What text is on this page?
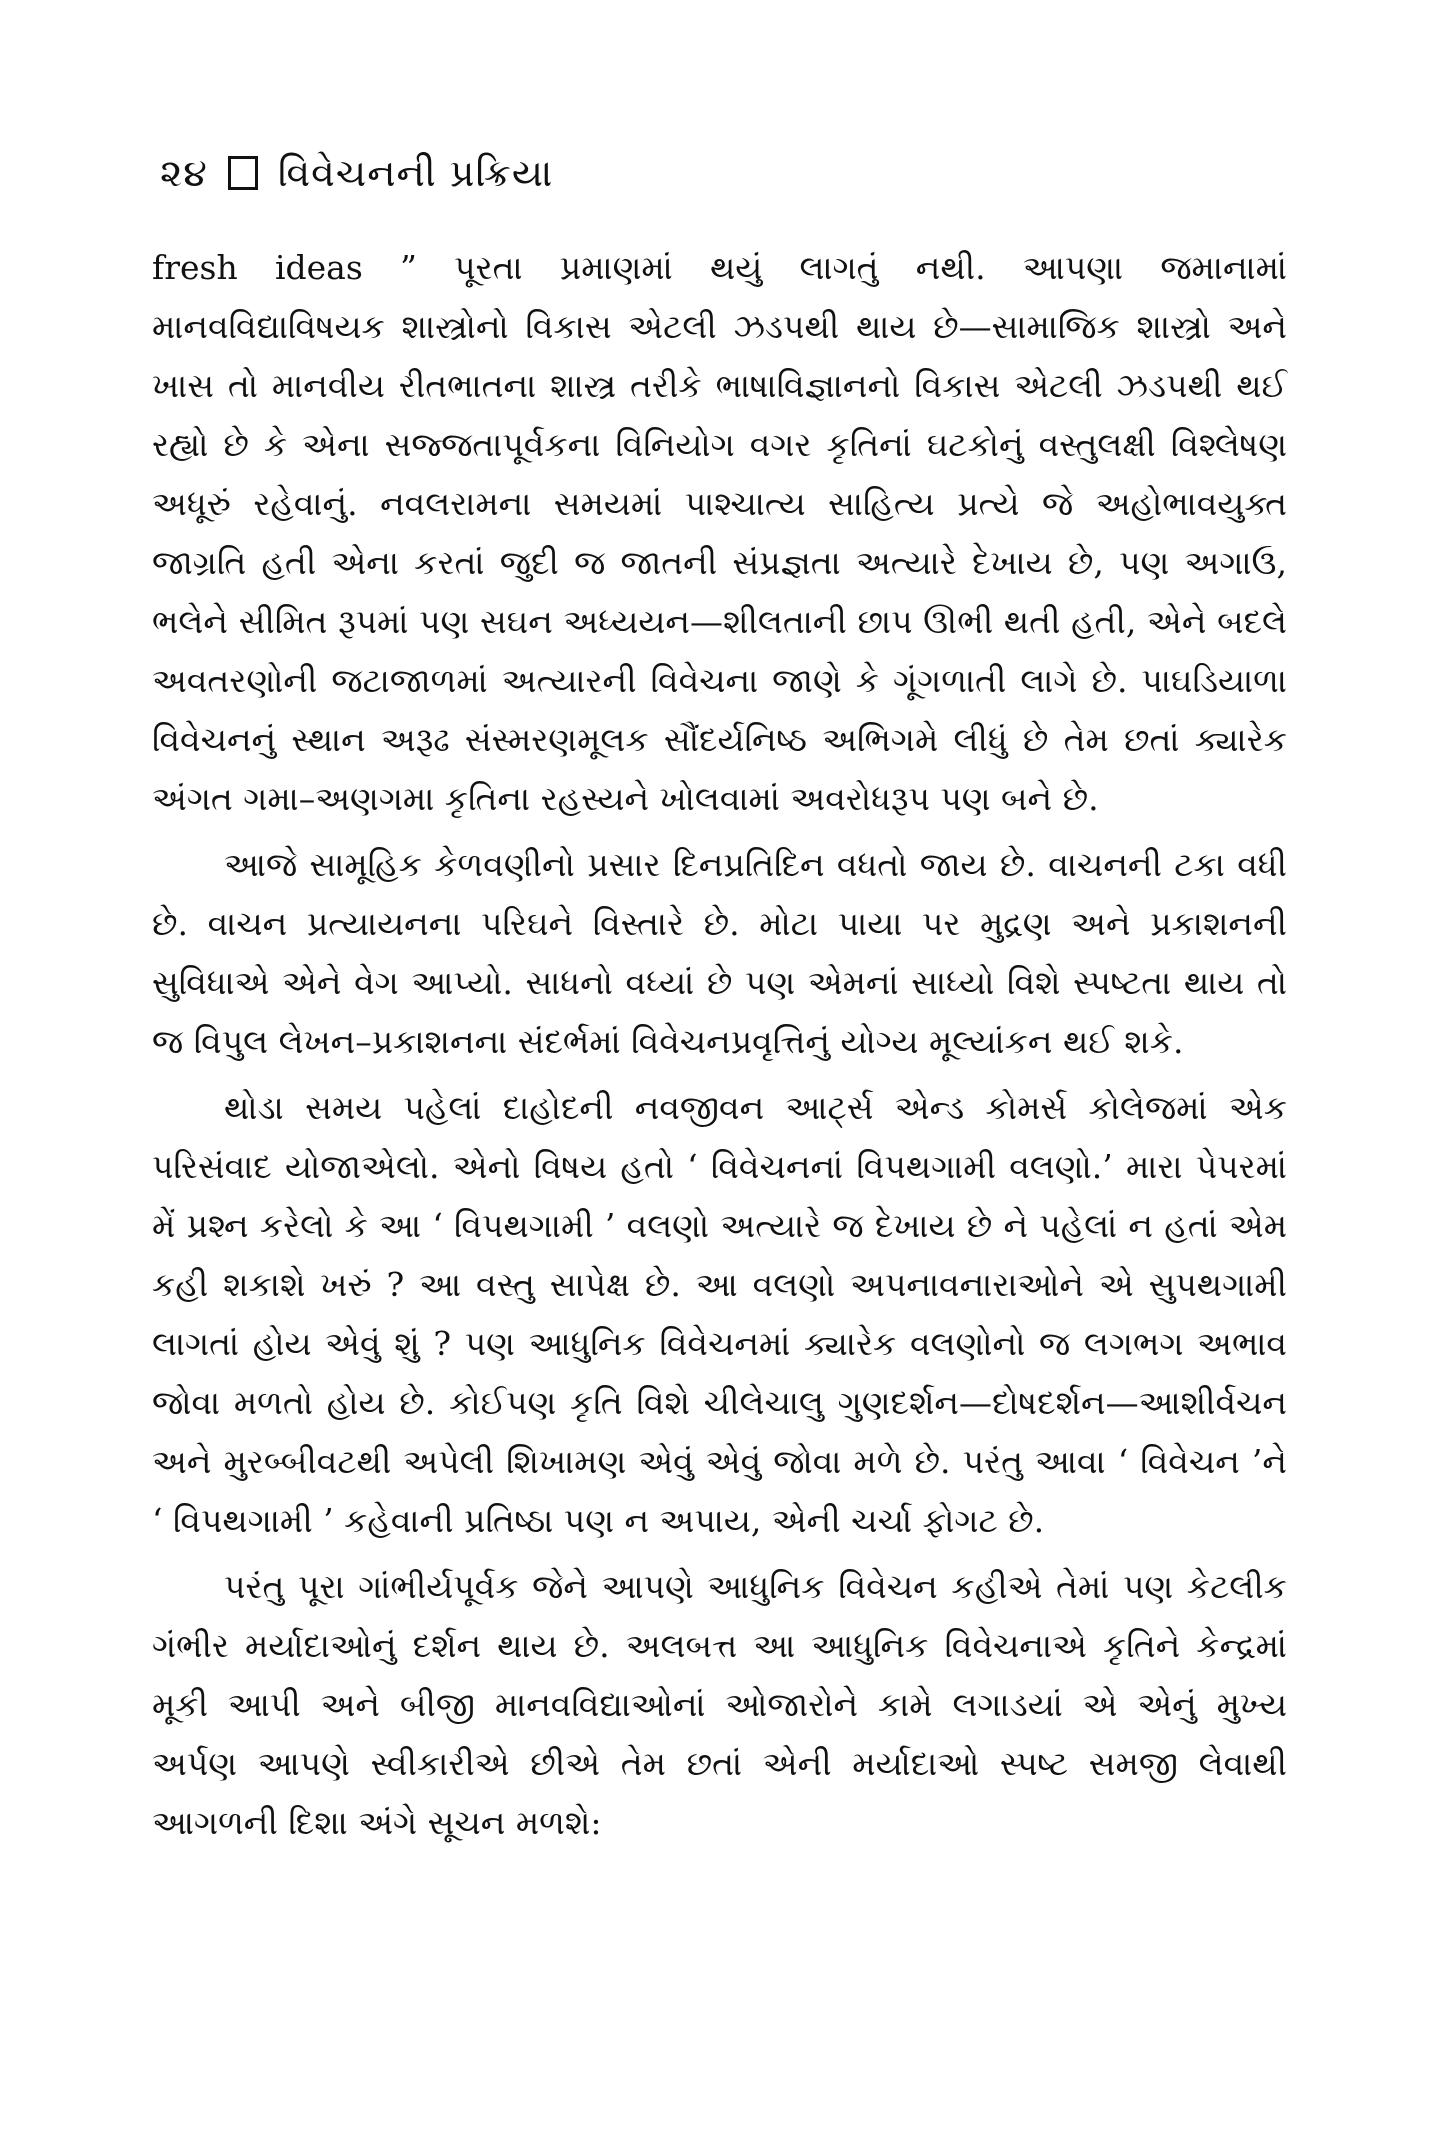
૨૪ વિવેચનની પ્રક્રિયા

fresh ideas ” પૂરતા પ્રમાણમાં થયું લાગતું નથી. આપણા જમાનામાં માનવવિદ્યાવિષયક શાસ્ત્રોનો વિકાસ એટલી ઝડપથી થાય છે—સામાજિક શાસ્ત્રો અને ખાસ તો માનવીય રીતભાતના શાસ્ત્ર તરીકે ભાષાવિજ્ઞાનનો વિકાસ એટલી ઝડપથી થઈ રહ્યો છે કે એના સજ્જતાપૂર્વકના વિનિયોગ વગર કૃતિનાં ઘટકોનું વસ્તુલક્ષી વિશ્લેષણ અધૂરું રહેવાનું. નવલરામના સમયમાં પાશ્ચાત્ય સાહિત્ય પ્રત્યે જે અહોભાવયુક્ત જાગ્રતિ હતી એના કરતાં જુદી જ જાતની સંપ્રજ્ઞતા અત્યારે દેખાય છે, પણ અગાઉ, ભલેને સીમિત રૂપમાં પણ સઘન અધ્યયન—શીલતાની છાપ ઊભી થતી હતી, એને બદલે અવતરણોની જટાજાળમાં અત્યારની વિવેચના જાણે કે ગૂંગળાતી લાગે છે. પાઘડિયાળા વિવેચનનું સ્થાન અરૂઢ સંસ્મરણમૂલક સૌંદર્યનિષ્ઠ અભિગમે લીધું છે તેમ છતાં ક્યારેક અંગત ગમા–અણગમા કૃતિના રહસ્યને ખોલવામાં અવરોધરૂપ પણ બને છે.

આજે સામૂહિક કેળવણીનો પ્રસાર દિનપ્રતિદિન વધતો જાય છે. વાચનની ટકા વધી છે. વાચન પ્રત્યાયનના પરિઘને વિસ્તારે છે. મોટા પાયા પર મુદ્રણ અને પ્રકાશનની સુવિધાએ એને વેગ આપ્યો. સાધનો વધ્યાં છે પણ એમનાં સાધ્યો વિશે સ્પષ્ટતા થાય તો જ વિપુલ લેખન–પ્રકાશનના સંદર્ભમાં વિવેચનપ્રવૃત્તિનું યોગ્ય મૂલ્યાંકન થઈ શકે.

થોડા સમય પહેલાં દાહોદની નવજીવન આર્ટ્સ એન્ડ કોમર્સ કોલેજમાં એક પરિસંવાદ યોજાએલો. એનો વિષય હતો ‘ વિવેચનનાં વિપથગામી વલણો.’ મારા પેપરમાં મેં પ્રશ્ન કરેલો કે આ ‘ વિપથગામી ’ વલણો અત્યારે જ દેખાય છે ને પહેલાં ન હતાં એમ કહી શકાશે ખરું ? આ વસ્તુ સાપેક્ષ છે. આ વલણો અપનાવનારાઓને એ સુપથગામી લાગતાં હોય એવું શું ? પણ આધુનિક વિવેચનમાં ક્યારેક વલણોનો જ લગભગ અભાવ જોવા મળતો હોય છે. કોઈપણ કૃતિ વિશે ચીલેચાલુ ગુણદર્શન—દોષદર્શન—આશીર્વચન અને મુરબ્બીવટથી અપેલી શિખામણ એવું એવું જોવા મળે છે. પરંતુ આવા ‘ વિવેચન ’ને ‘ વિપથગામી ’ કહેવાની પ્રતિષ્ઠા પણ ન અપાય, એની ચર્ચા ફોગટ છે.

પરંતુ પૂરા ગાંભીર્યપૂર્વક જેને આપણે આધુનિક વિવેચન કહીએ તેમાં પણ કેટલીક ગંભીર મર્યાદાઓનું દર્શન થાય છે. અલબત્ત આ આધુનિક વિવેચનાએ કૃતિને કેન્દ્રમાં મૂકી આપી અને બીજી માનવવિદ્યાઓનાં ઓજારોને કામે લગાડયાં એ એનું મુખ્ય અર્પણ આપણે સ્વીકારીએ છીએ તેમ છતાં એની મર્યાદાઓ સ્પષ્ટ સમજી લેવાથી આગળની દિશા અંગે સૂચન મળશે:
